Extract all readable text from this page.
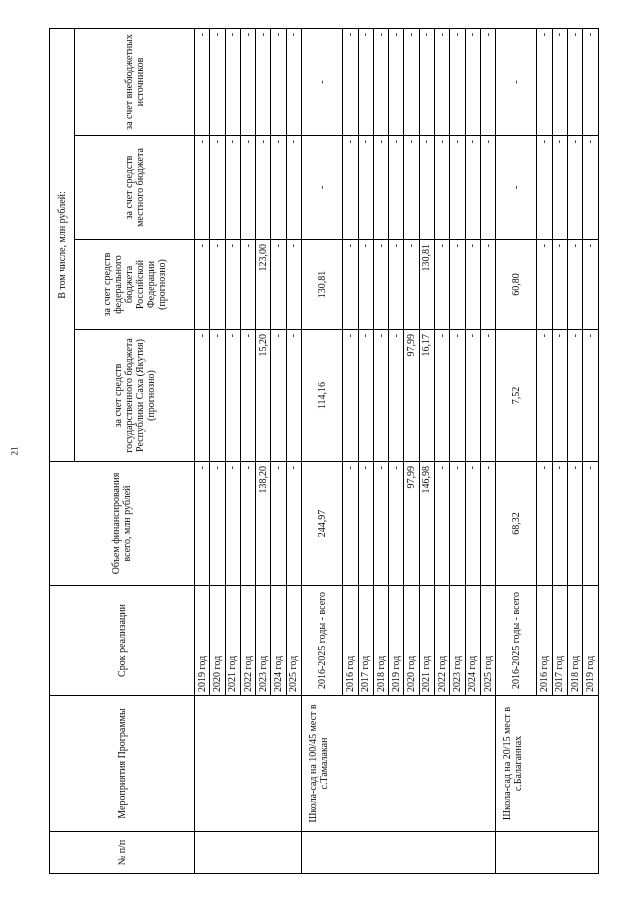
21
№ п/п	Мероприятия Программы	Срок реализации	Объем финансирования всего, млн рублей	В том числе, млн рублей:			
				за счет средств государственного бюджета Республики Саха (Якутия) (прогнозно)	за счет средств федерального бюджета Российской Федерации (прогнозно)	за счет средств местного бюджета	за счет внебюджетных источников
		2019 год	-	-	-	-	-
		2020 год	-	-	-	-	-
		2021 год	-	-	-	-	-
		2022 год	-	-	-	-	-
		2023 год	138,20	15,20	123,00	-	-
		2024 год	-	-	-	-	-
		2025 год	-	-	-	-	-
	Школа-сад на 100/45 мест в с.Тамалакан	2016-2025 годы - всего	244,97	114,16	130,81	-	-
		2016 год	-	-	-	-	-
		2017 год	-	-	-	-	-
		2018 год	-	-	-	-	-
		2019 год	-	-	-	-	-
		2020 год	97,99	97,99	-	-	-
		2021 год	146,98	16,17	130,81	-	-
		2022 год	-	-	-	-	-
		2023 год	-	-	-	-	-
		2024 год	-	-	-	-	-
		2025 год	-	-	-	-	-
	Школа-сад на 20/15 мест в с.Балаганнах	2016-2025 годы - всего	68,32	7,52	60,80	-	-
		2016 год	-	-	-	-	-
		2017 год	-	-	-	-	-
		2018 год	-	-	-	-	-
		2019 год	-	-	-	-	-
